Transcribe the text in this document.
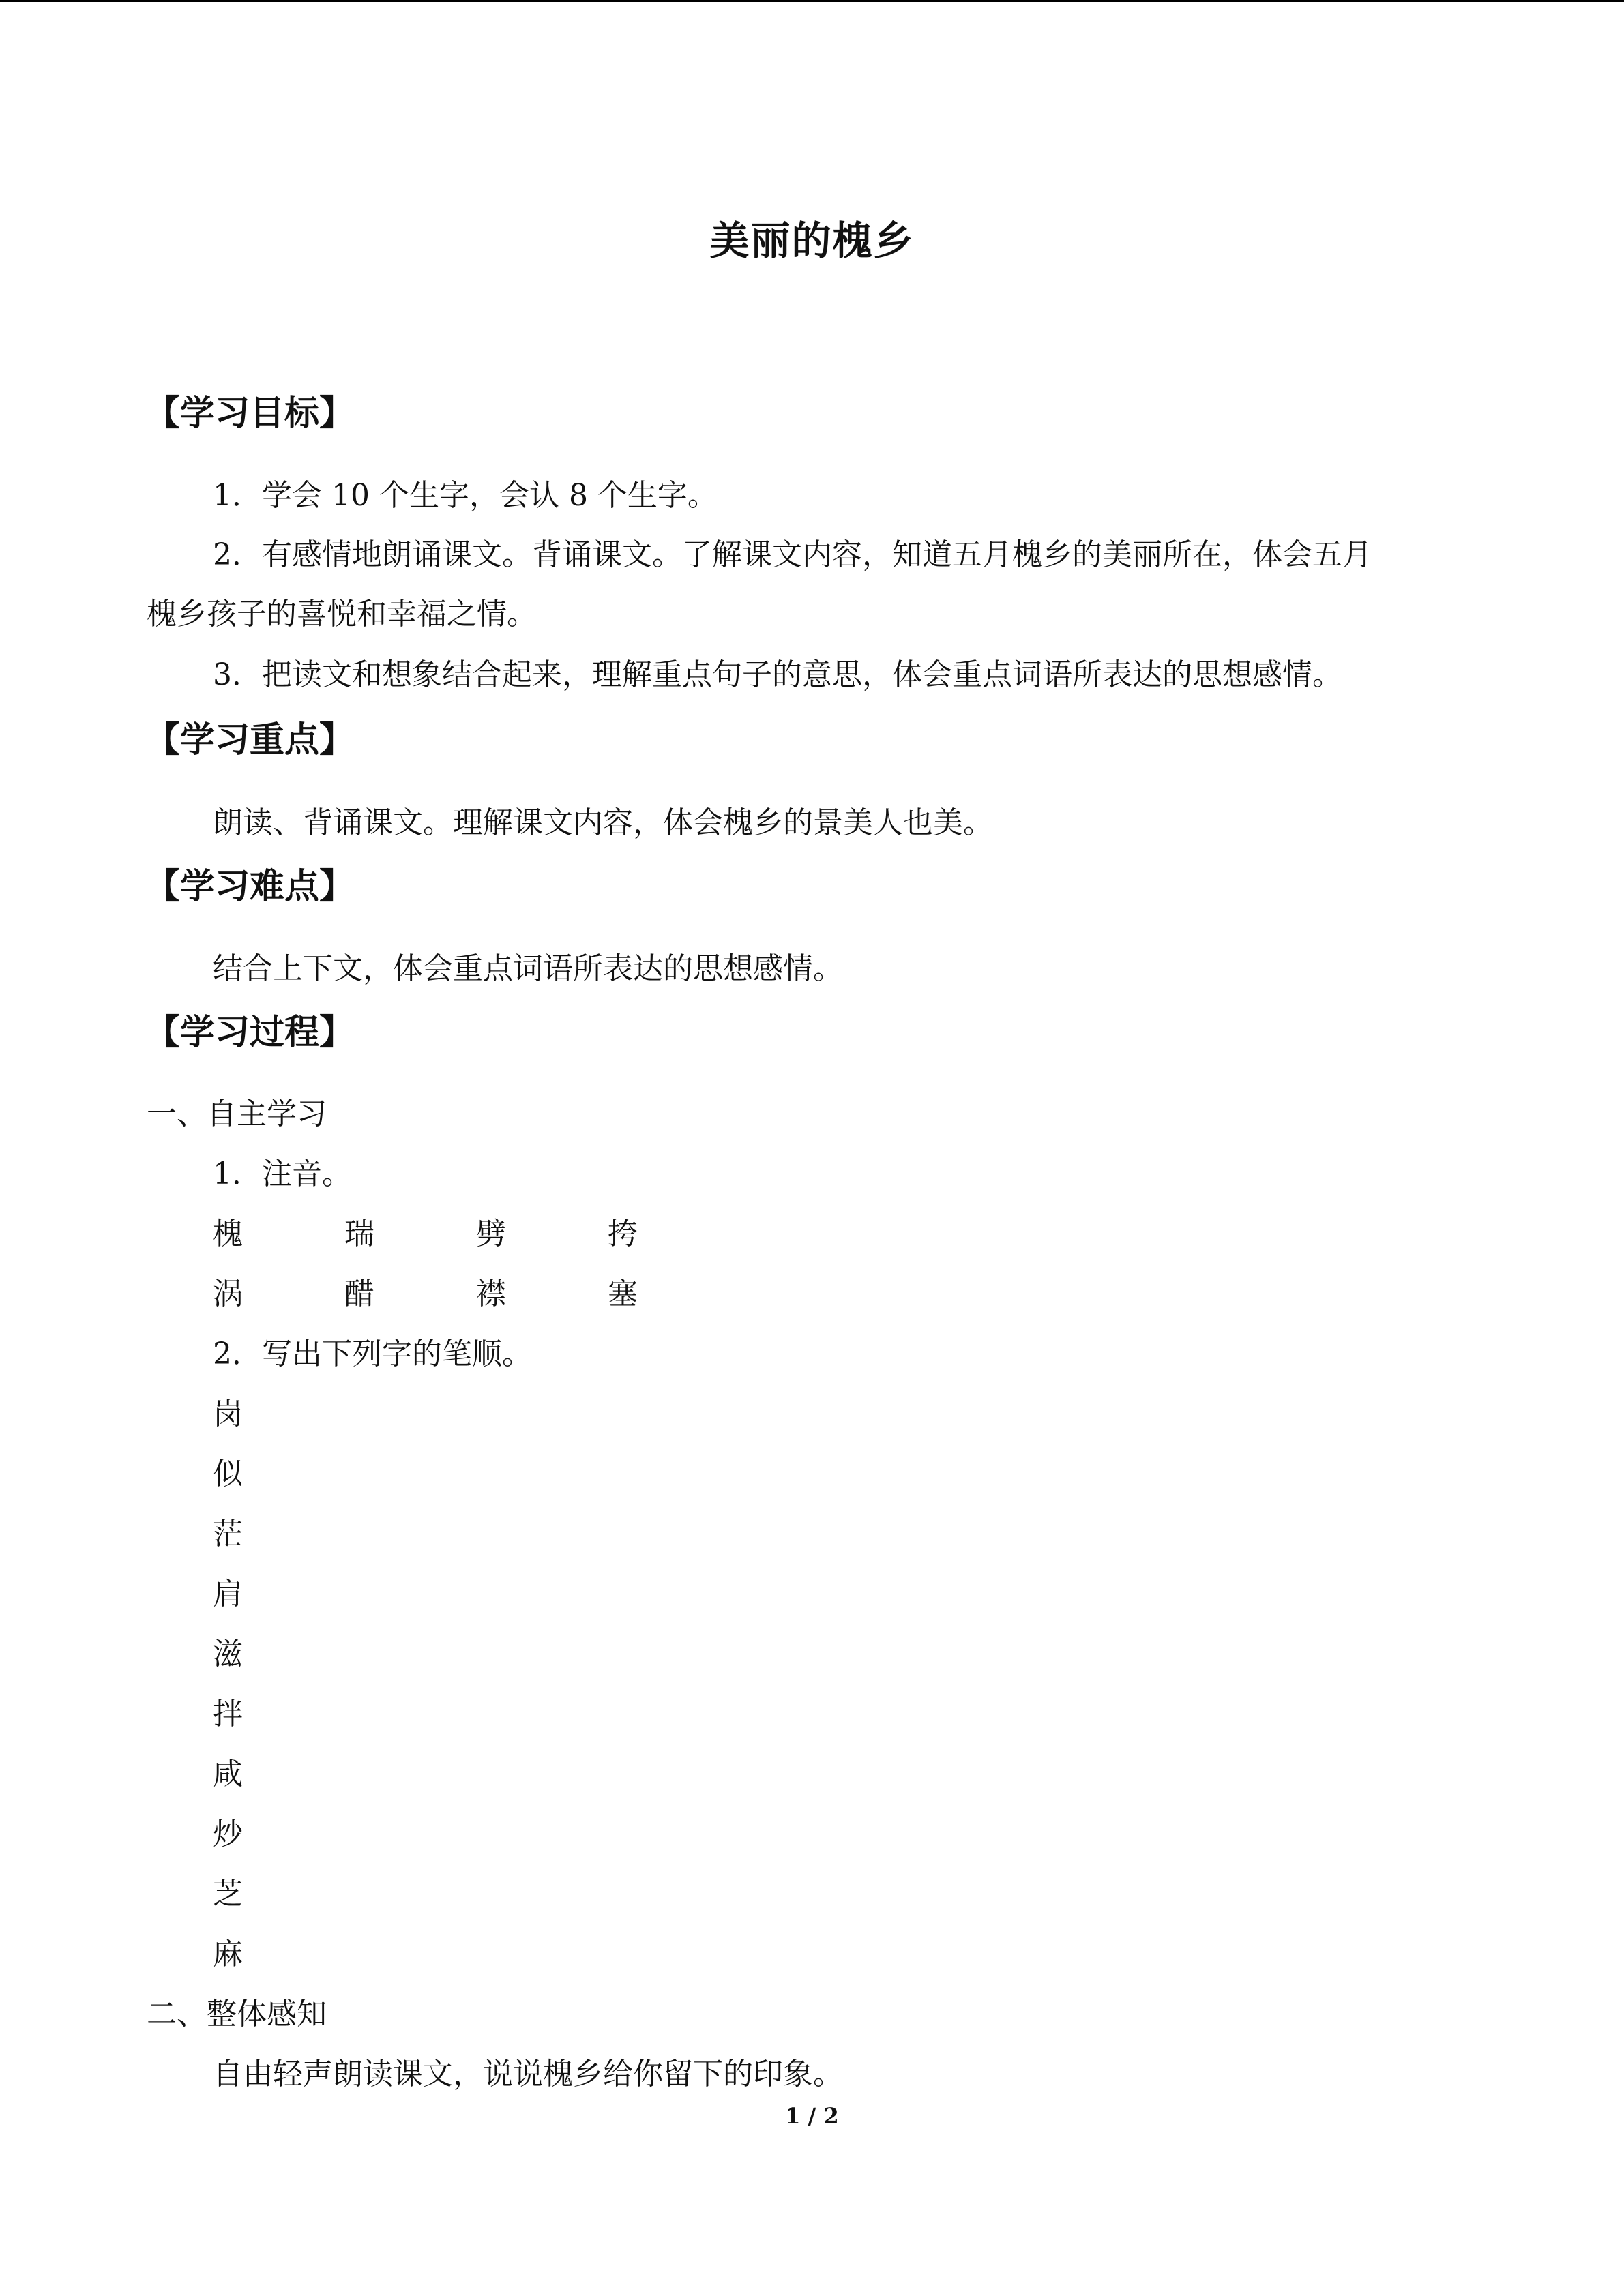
美丽的槐乡
【学习目标】
1．学会 10 个生字，会认 8 个生字。
2．有感情地朗诵课文。背诵课文。了解课文内容，知道五月槐乡的美丽所在，体会五月
槐乡孩子的喜悦和幸福之情。
3．把读文和想象结合起来，理解重点句子的意思，体会重点词语所表达的思想感情。
【学习重点】
朗读、背诵课文。理解课文内容，体会槐乡的景美人也美。
【学习难点】
结合上下文，体会重点词语所表达的思想感情。
【学习过程】
一、自主学习
1．注音。
槐	瑞	劈	挎
涡	醋	襟	塞
2．写出下列字的笔顺。
岗
似
茫
肩
滋
拌
咸
炒
芝
麻
二、整体感知
自由轻声朗读课文，说说槐乡给你留下的印象。
1 / 2
